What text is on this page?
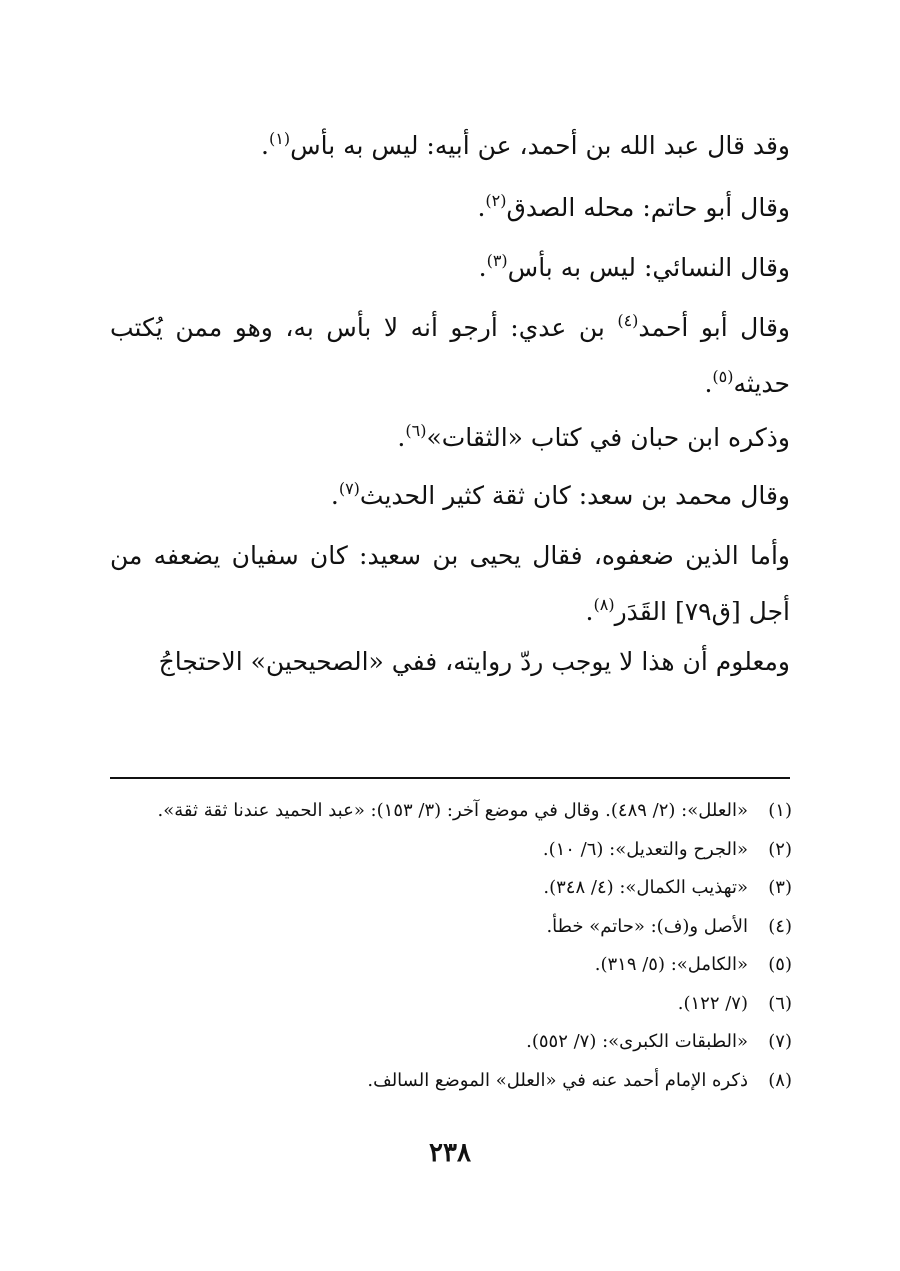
وقد قال عبد الله بن أحمد، عن أبيه: ليس به بأس$^{(١)}$.

وقال أبو حاتم: محله الصدق$^{(٢)}$.

وقال النسائي: ليس به بأس$^{(٣)}$.

وقال أبو أحمد$^{(٤)}$ بن عدي: أرجو أنه لا بأس به، وهو ممن يُكتب حديثه$^{(٥)}$.

وذكره ابن حبان في كتاب «الثقات»$^{(٦)}$.

وقال محمد بن سعد: كان ثقة كثير الحديث$^{(٧)}$.

وأما الذين ضعفوه، فقال يحيى بن سعيد: كان سفيان يضعفه من أجل [ق٧٩] القَدَر$^{(٨)}$.

ومعلوم أن هذا لا يوجب ردّ روايته، ففي «الصحيحين» الاحتجاجُ

(١)«العلل»: (٢/ ٤٨٩). وقال في موضع آخر: (٣/ ١٥٣): «عبد الحميد عندنا ثقة ثقة».
(٢)«الجرح والتعديل»: (٦/ ١٠).
(٣)«تهذيب الكمال»: (٤/ ٣٤٨).
(٤)الأصل و(ف): «حاتم» خطأ.
(٥)«الكامل»: (٥/ ٣١٩).
(٦)(٧/ ١٢٢).
(٧)«الطبقات الكبرى»: (٧/ ٥٥٢).
(٨)ذكره الإمام أحمد عنه في «العلل» الموضع السالف.
٢٣٨
